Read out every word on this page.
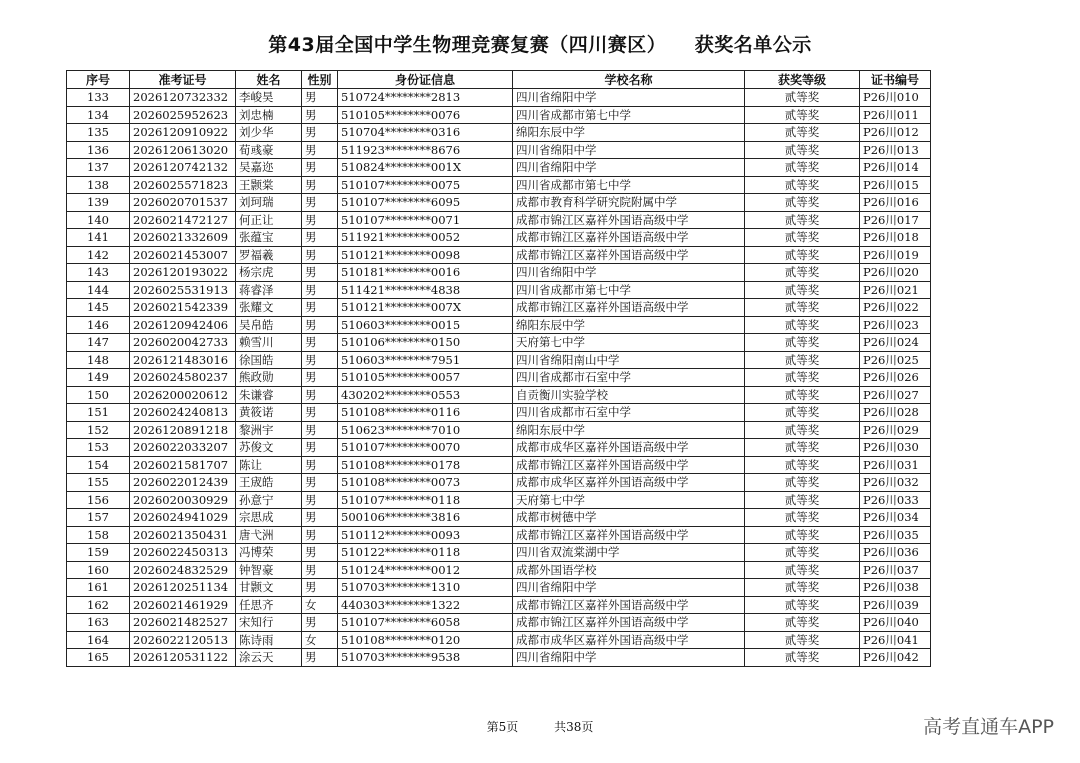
第43届全国中学生物理竞赛复赛（四川赛区）    获奖名单公示
序号	准考证号	姓名	性别	身份证信息	学校名称	获奖等级	证书编号
133	2026120732332	李峻昊	男	510724********2813	四川省绵阳中学	贰等奖	P26川010
134	2026025952623	刘忠楠	男	510105********0076	四川省成都市第七中学	贰等奖	P26川011
135	2026120910922	刘少华	男	510704********0316	绵阳东辰中学	贰等奖	P26川012
136	2026120613020	荀彧豪	男	511923********8676	四川省绵阳中学	贰等奖	P26川013
137	2026120742132	吴嘉迩	男	510824********001X	四川省绵阳中学	贰等奖	P26川014
138	2026025571823	王颢棠	男	510107********0075	四川省成都市第七中学	贰等奖	P26川015
139	2026020701537	刘珂瑞	男	510107********6095	成都市教育科学研究院附属中学	贰等奖	P26川016
140	2026021472127	何正让	男	510107********0071	成都市锦江区嘉祥外国语高级中学	贰等奖	P26川017
141	2026021332609	张蕴宝	男	511921********0052	成都市锦江区嘉祥外国语高级中学	贰等奖	P26川018
142	2026021453007	罗福羲	男	510121********0098	成都市锦江区嘉祥外国语高级中学	贰等奖	P26川019
143	2026120193022	杨宗虎	男	510181********0016	四川省绵阳中学	贰等奖	P26川020
144	2026025531913	蒋睿泽	男	511421********4838	四川省成都市第七中学	贰等奖	P26川021
145	2026021542339	张耀文	男	510121********007X	成都市锦江区嘉祥外国语高级中学	贰等奖	P26川022
146	2026120942406	吴帛皓	男	510603********0015	绵阳东辰中学	贰等奖	P26川023
147	2026020042733	赖雪川	男	510106********0150	天府第七中学	贰等奖	P26川024
148	2026121483016	徐国皓	男	510603********7951	四川省绵阳南山中学	贰等奖	P26川025
149	2026024580237	熊政勋	男	510105********0057	四川省成都市石室中学	贰等奖	P26川026
150	2026200020612	朱谦睿	男	430202********0553	自贡衡川实验学校	贰等奖	P26川027
151	2026024240813	黄筱诺	男	510108********0116	四川省成都市石室中学	贰等奖	P26川028
152	2026120891218	黎洲宇	男	510623********7010	绵阳东辰中学	贰等奖	P26川029
153	2026022033207	苏俊文	男	510107********0070	成都市成华区嘉祥外国语高级中学	贰等奖	P26川030
154	2026021581707	陈让	男	510108********0178	成都市锦江区嘉祥外国语高级中学	贰等奖	P26川031
155	2026022012439	王宬皓	男	510108********0073	成都市成华区嘉祥外国语高级中学	贰等奖	P26川032
156	2026020030929	孙意宁	男	510107********0118	天府第七中学	贰等奖	P26川033
157	2026024941029	宗思成	男	500106********3816	成都市树德中学	贰等奖	P26川034
158	2026021350431	唐弋洲	男	510112********0093	成都市锦江区嘉祥外国语高级中学	贰等奖	P26川035
159	2026022450313	冯博荣	男	510122********0118	四川省双流棠湖中学	贰等奖	P26川036
160	2026024832529	钟智豪	男	510124********0012	成都外国语学校	贰等奖	P26川037
161	2026120251134	甘颢文	男	510703********1310	四川省绵阳中学	贰等奖	P26川038
162	2026021461929	任思齐	女	440303********1322	成都市锦江区嘉祥外国语高级中学	贰等奖	P26川039
163	2026021482527	宋知行	男	510107********6058	成都市锦江区嘉祥外国语高级中学	贰等奖	P26川040
164	2026022120513	陈诗雨	女	510108********0120	成都市成华区嘉祥外国语高级中学	贰等奖	P26川041
165	2026120531122	涂云天	男	510703********9538	四川省绵阳中学	贰等奖	P26川042
第5页	共38页	高考直通车APP
